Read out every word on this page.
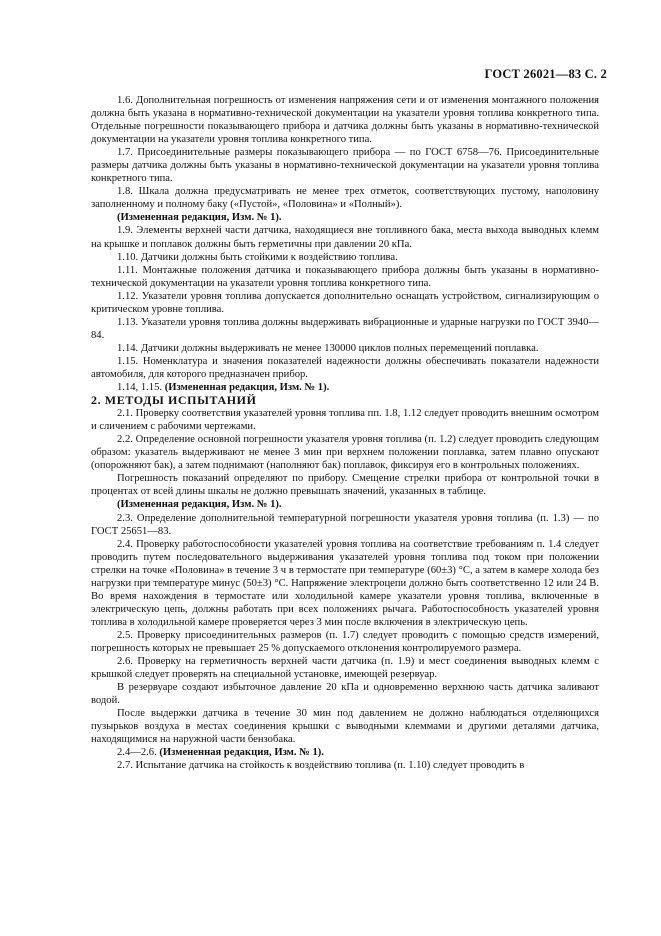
ГОСТ 26021—83 С. 2

1.6. Дополнительная погрешность от изменения напряжения сети и от изменения монтажного положения должна быть указана в нормативно-технической документации на указатели уровня топлива конкретного типа. Отдельные погрешности показывающего прибора и датчика должны быть указаны в нормативно-технической документации на указатели уровня топлива конкретного типа.

1.7. Присоединительные размеры показывающего прибора — по ГОСТ 6758—76. Присоединительные размеры датчика должны быть указаны в нормативно-технической документации на указатели уровня топлива конкретного типа.

1.8. Шкала должна предусматривать не менее трех отметок, соответствующих пустому, наполовину заполненному и полному баку («Пустой», «Половина» и «Полный»).

(Измененная редакция, Изм. № 1).

1.9. Элементы верхней части датчика, находящиеся вне топливного бака, места выхода выводных клемм на крышке и поплавок должны быть герметичны при давлении 20 кПа.

1.10. Датчики должны быть стойкими к воздействию топлива.

1.11. Монтажные положения датчика и показывающего прибора должны быть указаны в нормативно-технической документации на указатели уровня топлива конкретного типа.

1.12. Указатели уровня топлива допускается дополнительно оснащать устройством, сигнализирующим о критическом уровне топлива.

1.13. Указатели уровня топлива должны выдерживать вибрационные и ударные нагрузки по ГОСТ 3940—84.

1.14. Датчики должны выдерживать не менее 130000 циклов полных перемещений поплавка.

1.15. Номенклатура и значения показателей надежности должны обеспечивать показатели надежности автомобиля, для которого предназначен прибор.

1.14, 1.15. (Измененная редакция, Изм. № 1).

2. МЕТОДЫ ИСПЫТАНИЙ

2.1. Проверку соответствия указателей уровня топлива пп. 1.8, 1.12 следует проводить внешним осмотром и сличением с рабочими чертежами.

2.2. Определение основной погрешности указателя уровня топлива (п. 1.2) следует проводить следующим образом: указатель выдерживают не менее 3 мин при верхнем положении поплавка, затем плавно опускают (опорожняют бак), а затем поднимают (наполняют бак) поплавок, фиксируя его в контрольных положениях.

Погрешность показаний определяют по прибору. Смещение стрелки прибора от контрольной точки в процентах от всей длины шкалы не должно превышать значений, указанных в таблице.

(Измененная редакция, Изм. № 1).

2.3. Определение дополнительной температурной погрешности указателя уровня топлива (п. 1.3) — по ГОСТ 25651—83.

2.4. Проверку работоспособности указателей уровня топлива на соответствие требованиям п. 1.4 следует проводить путем последовательного выдерживания указателей уровня топлива под током при положении стрелки на точке «Половина» в течение 3 ч в термостате при температуре (60±3) °С, а затем в камере холода без нагрузки при температуре минус (50±3) °С. Напряжение электроцепи должно быть соответственно 12 или 24 В. Во время нахождения в термостате или холодильной камере указатели уровня топлива, включенные в электрическую цепь, должны работать при всех положениях рычага. Работоспособность указателей уровня топлива в холодильной камере проверяется через 3 мин после включения в электрическую цепь.

2.5. Проверку присоединительных размеров (п. 1.7) следует проводить с помощью средств измерений, погрешность которых не превышает 25 % допускаемого отклонения контролируемого размера.

2.6. Проверку на герметичность верхней части датчика (п. 1.9) и мест соединения выводных клемм с крышкой следует проверять на специальной установке, имеющей резервуар.

В резервуаре создают избыточное давление 20 кПа и одновременно верхнюю часть датчика заливают водой.

После выдержки датчика в течение 30 мин под давлением не должно наблюдаться отделяющихся пузырьков воздуха в местах соединения крышки с выводными клеммами и другими деталями датчика, находящимися на наружной части бензобака.

2.4—2.6. (Измененная редакция, Изм. № 1).

2.7. Испытание датчика на стойкость к воздействию топлива (п. 1.10) следует проводить в
